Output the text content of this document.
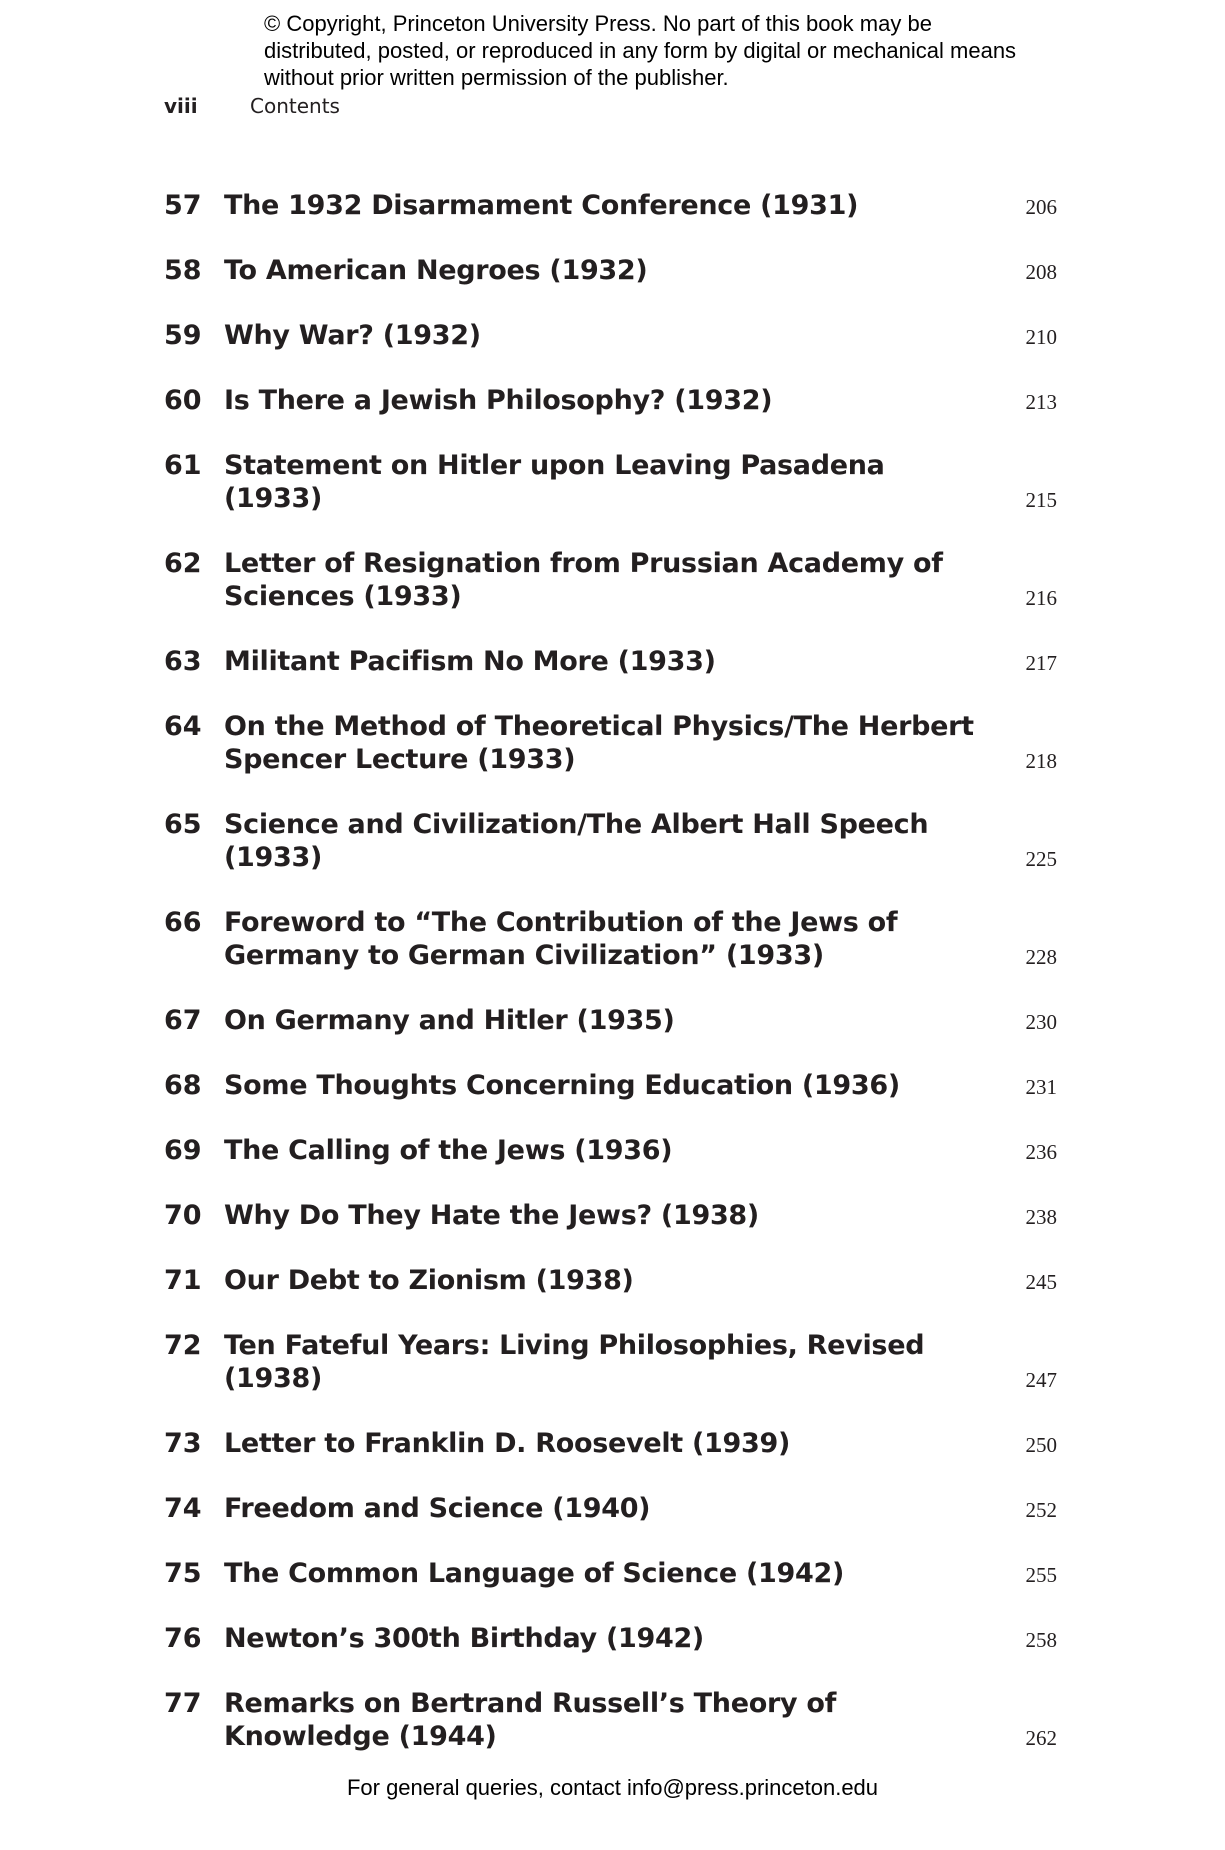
© Copyright, Princeton University Press. No part of this book may be distributed, posted, or reproduced in any form by digital or mechanical means without prior written permission of the publisher.
viii	Contents
57 The 1932 Disarmament Conference (1931)	206
58 To American Negroes (1932)	208
59 Why War? (1932)	210
60 Is There a Jewish Philosophy? (1932)	213
61 Statement on Hitler upon Leaving Pasadena (1933)	215
62 Letter of Resignation from Prussian Academy of Sciences (1933)	216
63 Militant Pacifism No More (1933)	217
64 On the Method of Theoretical Physics/The Herbert Spencer Lecture (1933)	218
65 Science and Civilization/The Albert Hall Speech (1933)	225
66 Foreword to “The Contribution of the Jews of Germany to German Civilization” (1933)	228
67 On Germany and Hitler (1935)	230
68 Some Thoughts Concerning Education (1936)	231
69 The Calling of the Jews (1936)	236
70 Why Do They Hate the Jews? (1938)	238
71 Our Debt to Zionism (1938)	245
72 Ten Fateful Years: Living Philosophies, Revised (1938)	247
73 Letter to Franklin D. Roosevelt (1939)	250
74 Freedom and Science (1940)	252
75 The Common Language of Science (1942)	255
76 Newton’s 300th Birthday (1942)	258
77 Remarks on Bertrand Russell’s Theory of Knowledge (1944)	262
For general queries, contact info@press.princeton.edu
